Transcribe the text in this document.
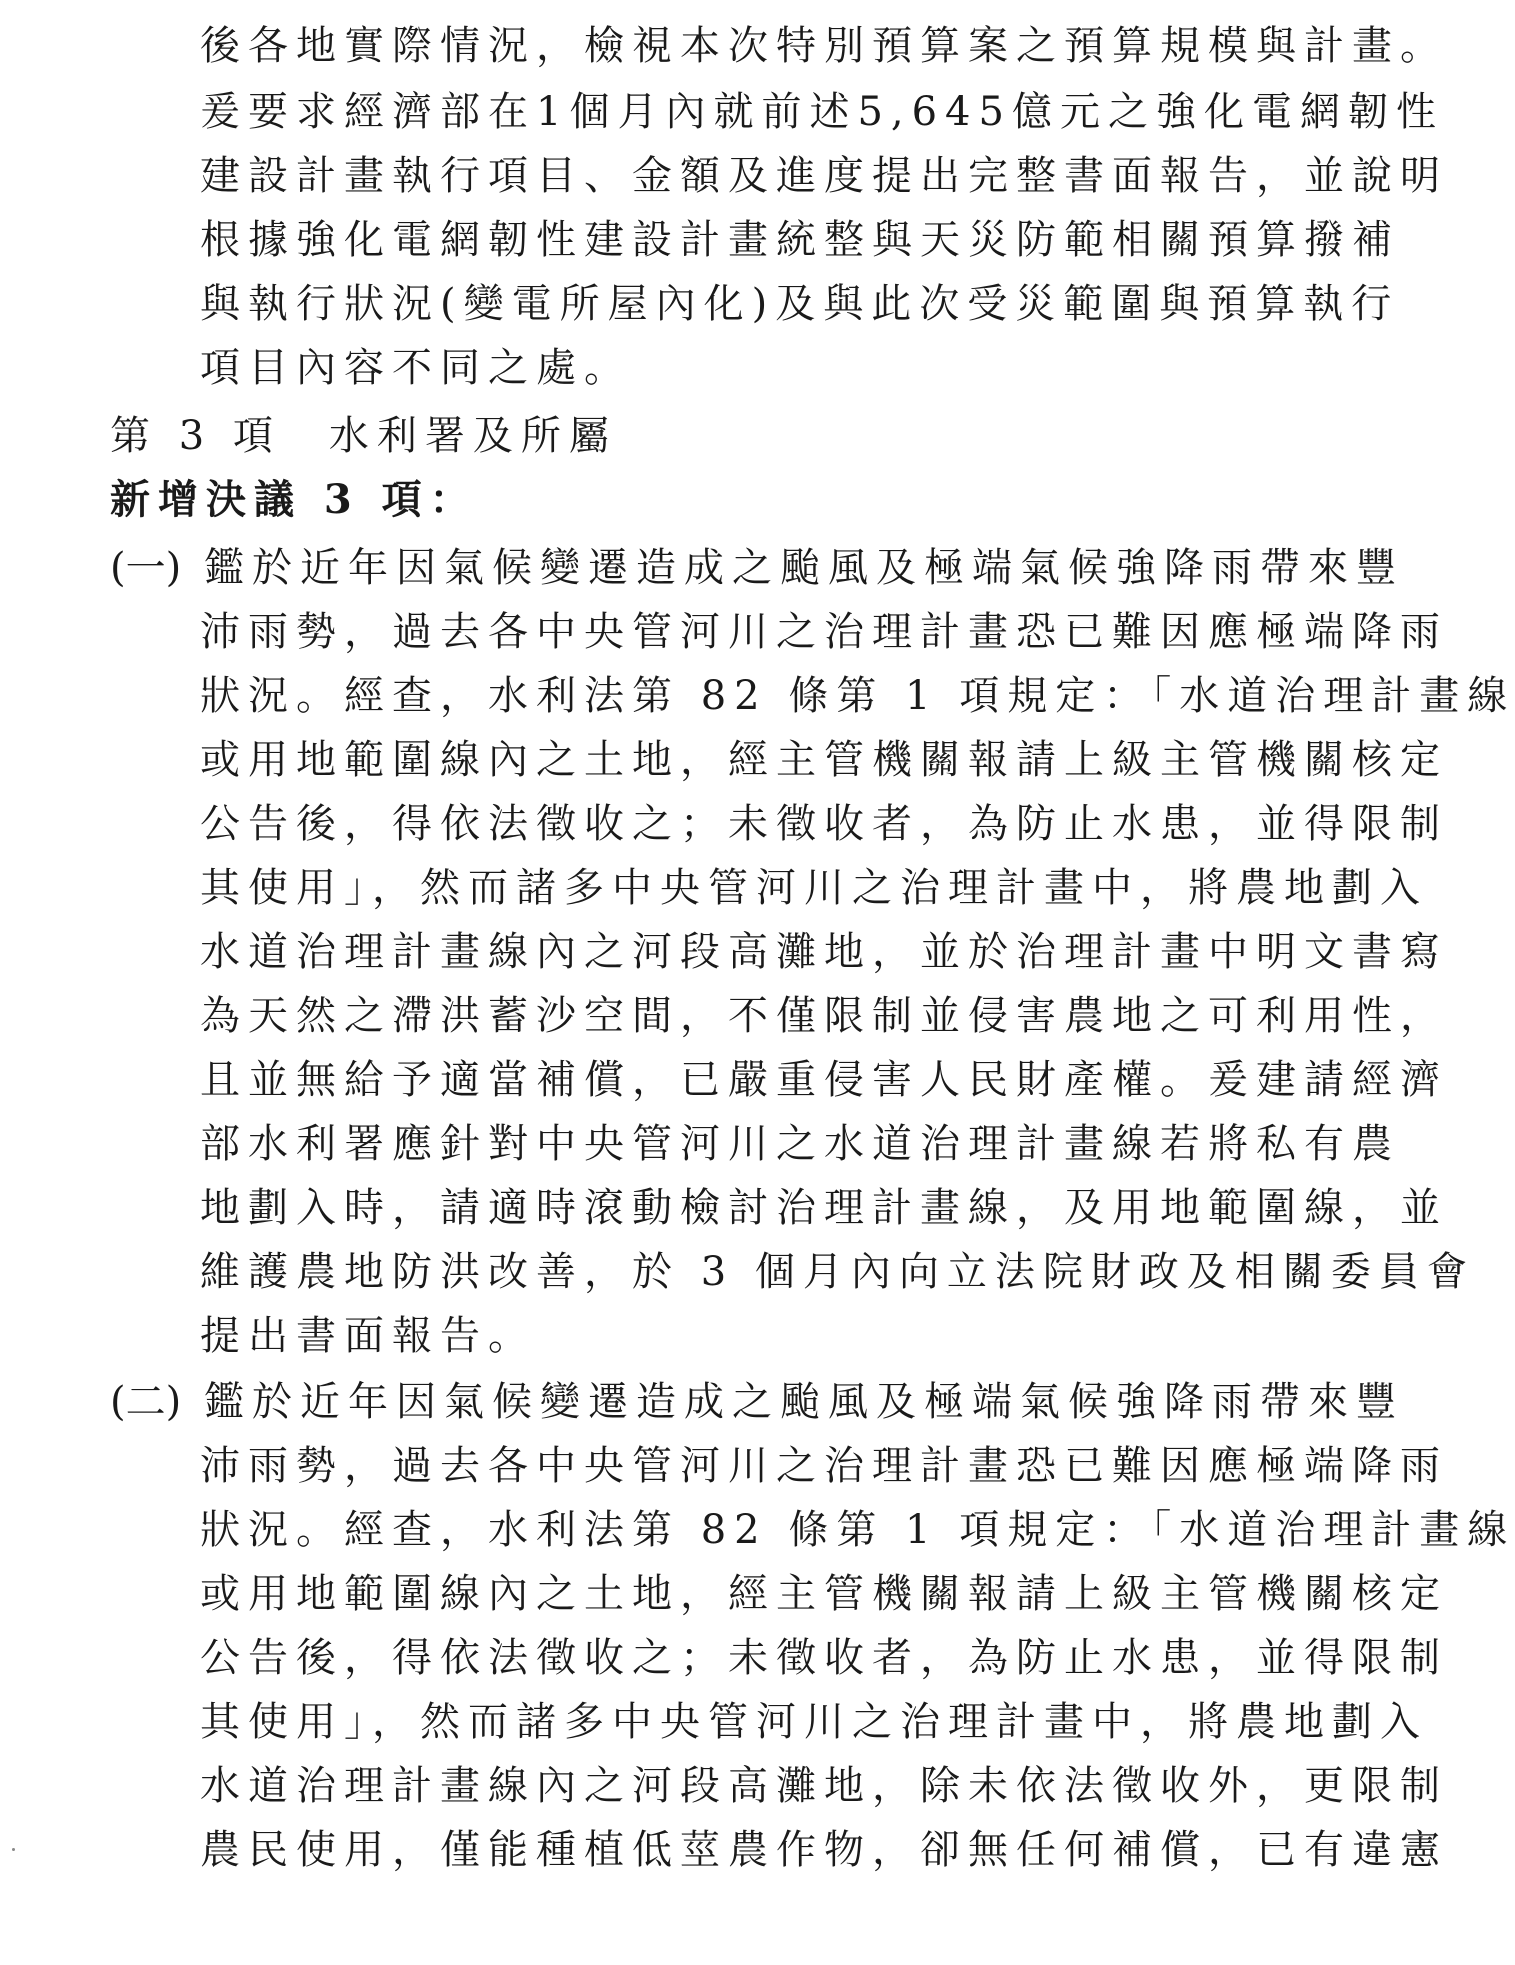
後各地實際情況，檢視本次特別預算案之預算規模與計畫。
爰要求經濟部在1個月內就前述5,645億元之強化電網韌性
建設計畫執行項目、金額及進度提出完整書面報告，並說明
根據強化電網韌性建設計畫統整與天災防範相關預算撥補
與執行狀況(變電所屋內化)及與此次受災範圍與預算執行
項目內容不同之處。
第 3 項　水利署及所屬
新增決議 3 項：
(一) 鑑於近年因氣候變遷造成之颱風及極端氣候強降雨帶來豐
沛雨勢，過去各中央管河川之治理計畫恐已難因應極端降雨
狀況。經查，水利法第 82 條第 1 項規定：「水道治理計畫線
或用地範圍線內之土地，經主管機關報請上級主管機關核定
公告後，得依法徵收之；未徵收者，為防止水患，並得限制
其使用」，然而諸多中央管河川之治理計畫中，將農地劃入
水道治理計畫線內之河段高灘地，並於治理計畫中明文書寫
為天然之滯洪蓄沙空間，不僅限制並侵害農地之可利用性，
且並無給予適當補償，已嚴重侵害人民財產權。爰建請經濟
部水利署應針對中央管河川之水道治理計畫線若將私有農
地劃入時，請適時滾動檢討治理計畫線，及用地範圍線，並
維護農地防洪改善，於 3 個月內向立法院財政及相關委員會
提出書面報告。
(二) 鑑於近年因氣候變遷造成之颱風及極端氣候強降雨帶來豐
沛雨勢，過去各中央管河川之治理計畫恐已難因應極端降雨
狀況。經查，水利法第 82 條第 1 項規定：「水道治理計畫線
或用地範圍線內之土地，經主管機關報請上級主管機關核定
公告後，得依法徵收之；未徵收者，為防止水患，並得限制
其使用」，然而諸多中央管河川之治理計畫中，將農地劃入
水道治理計畫線內之河段高灘地，除未依法徵收外，更限制
農民使用，僅能種植低莖農作物，卻無任何補償，已有違憲
